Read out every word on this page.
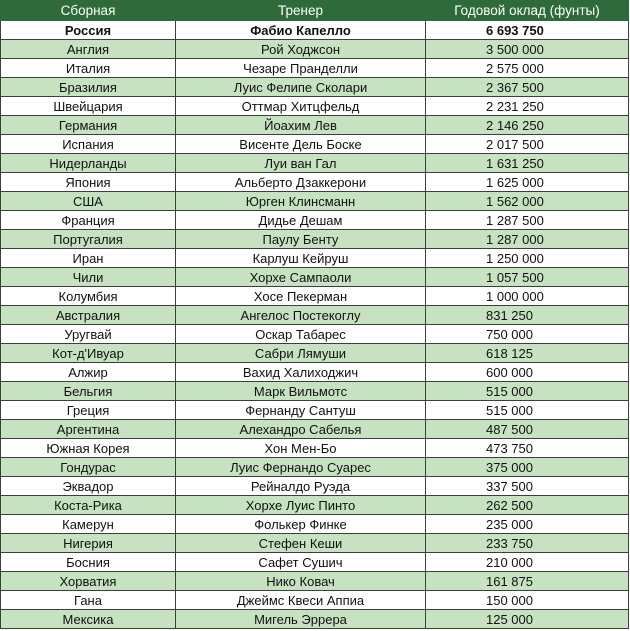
Сборная	Тренер	Годовой оклад (фунты)
Россия	Фабио Капелло	6 693 750
Англия	Рой Ходжсон	3 500 000
Италия	Чезаре Пранделли	2 575 000
Бразилия	Луис Фелипе Сколари	2 367 500
Швейцария	Оттмар Хитцфельд	2 231 250
Германия	Йоахим Лев	2 146 250
Испания	Висенте Дель Боске	2 017 500
Нидерланды	Луи ван Гал	1 631 250
Япония	Альберто Дзаккерони	1 625 000
США	Юрген Клинсманн	1 562 000
Франция	Дидье Дешам	1 287 500
Португалия	Паулу Бенту	1 287 000
Иран	Карлуш Кейруш	1 250 000
Чили	Хорхе Сампаоли	1 057 500
Колумбия	Хосе Пекерман	1 000 000
Австралия	Ангелос Постекоглу	831 250
Уругвай	Оскар Табарес	750 000
Кот-д'Ивуар	Сабри Лямуши	618 125
Алжир	Вахид Халиходжич	600 000
Бельгия	Марк Вильмотс	515 000
Греция	Фернанду Сантуш	515 000
Аргентина	Алехандро Сабелья	487 500
Южная Корея	Хон Мен-Бо	473 750
Гондурас	Луис Фернандо Суарес	375 000
Эквадор	Рейналдо Руэда	337 500
Коста-Рика	Хорхе Луис Пинто	262 500
Камерун	Фолькер Финке	235 000
Нигерия	Стефен Кеши	233 750
Босния	Сафет Сушич	210 000
Хорватия	Нико Ковач	161 875
Гана	Джеймс Квеси Аппиа	150 000
Мексика	Мигель Эррера	125 000
